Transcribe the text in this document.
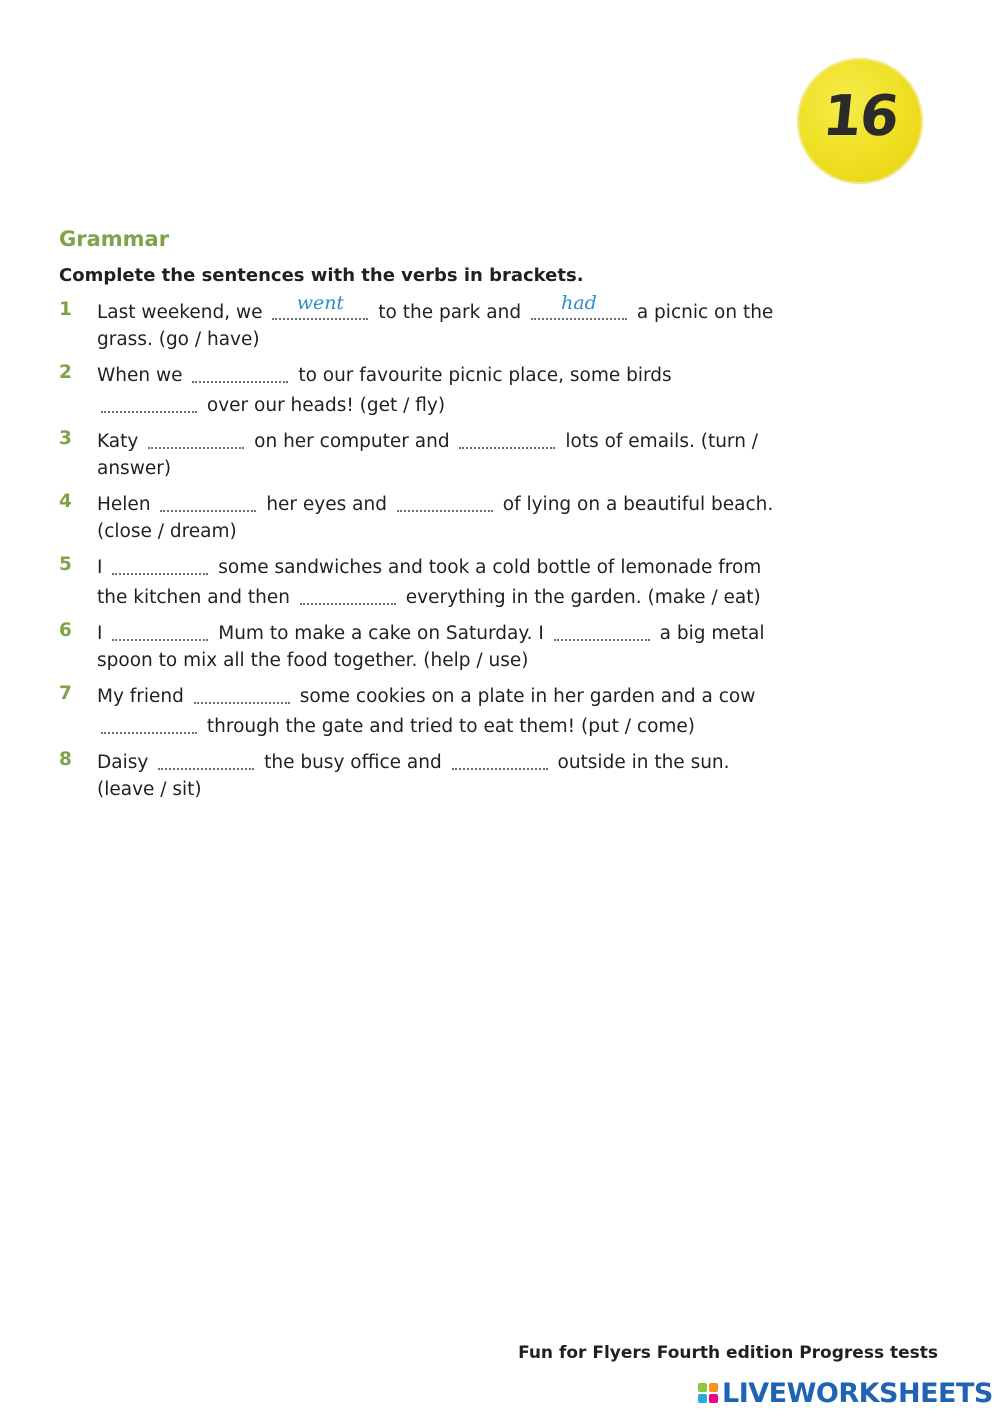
16
Grammar
Complete the sentences with the verbs in brackets.
1 Last weekend, we	went	to the park and	had	a picnic on the grass. (go / have)
2 When we	to our favourite picnic place, some birds
over our heads! (get / fly)
3 Katy	on her computer and	lots of emails. (turn / answer)
4 Helen	her eyes and	of lying on a beautiful beach. (close / dream)
5 I	some sandwiches and took a cold bottle of lemonade from the kitchen and then	everything in the garden. (make / eat)
6 I	Mum to make a cake on Saturday. I	a big metal spoon to mix all the food together. (help / use)
7 My friend	some cookies on a plate in her garden and a cow
through the gate and tried to eat them! (put / come)
8 Daisy	the busy office and	outside in the sun. (leave / sit)
Fun for Flyers Fourth edition Progress tests
LIVEWORKSHEETS
